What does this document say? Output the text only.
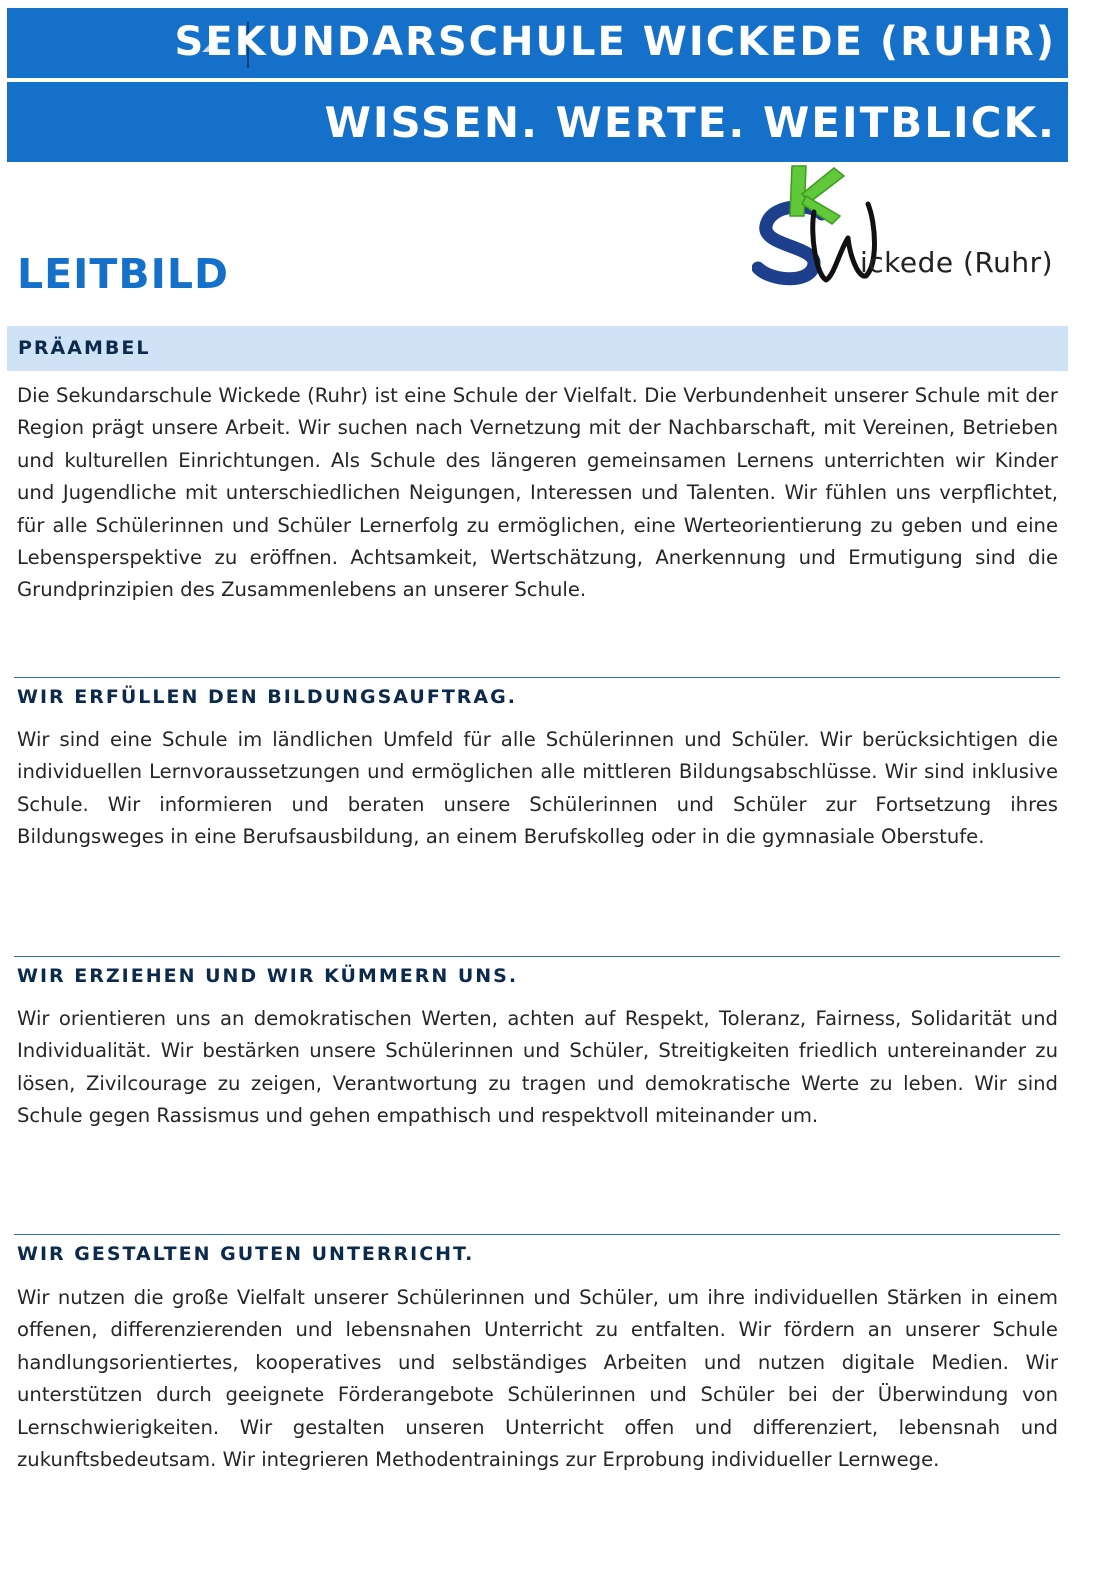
SEKUNDARSCHULE WICKEDE (RUHR)
WISSEN. WERTE. WEITBLICK.
LEITBILD	ickede (Ruhr)
PRÄAMBEL
Die Sekundarschule Wickede (Ruhr) ist eine Schule der Vielfalt. Die Verbundenheit unserer Schule mit der Region prägt unsere Arbeit. Wir suchen nach Vernetzung mit der Nachbarschaft, mit Vereinen, Betrieben und kulturellen Einrichtungen. Als Schule des längeren gemeinsamen Lernens unterrichten wir Kinder und Jugendliche mit unterschiedlichen Neigungen, Interessen und Talenten. Wir fühlen uns verpflichtet, für alle Schülerinnen und Schüler Lernerfolg zu ermöglichen, eine Werteorientierung zu geben und eine Lebensperspektive zu eröffnen. Achtsamkeit, Wertschätzung, Anerkennung und Ermutigung sind die Grundprinzipien des Zusammenlebens an unserer Schule.
WIR ERFÜLLEN DEN BILDUNGSAUFTRAG.
Wir sind eine Schule im ländlichen Umfeld für alle Schülerinnen und Schüler. Wir berücksichtigen die individuellen Lernvoraussetzungen und ermöglichen alle mittleren Bildungsabschlüsse. Wir sind inklusive Schule. Wir informieren und beraten unsere Schülerinnen und Schüler zur Fortsetzung ihres Bildungsweges in eine Berufsausbildung, an einem Berufskolleg oder in die gymnasiale Oberstufe.
WIR ERZIEHEN UND WIR KÜMMERN UNS.
Wir orientieren uns an demokratischen Werten, achten auf Respekt, Toleranz, Fairness, Solidarität und Individualität. Wir bestärken unsere Schülerinnen und Schüler, Streitigkeiten friedlich untereinander zu lösen, Zivilcourage zu zeigen, Verantwortung zu tragen und demokratische Werte zu leben. Wir sind Schule gegen Rassismus und gehen empathisch und respektvoll miteinander um.
WIR GESTALTEN GUTEN UNTERRICHT.
Wir nutzen die große Vielfalt unserer Schülerinnen und Schüler, um ihre individuellen Stärken in einem offenen, differenzierenden und lebensnahen Unterricht zu entfalten. Wir fördern an unserer Schule handlungsorientiertes, kooperatives und selbständiges Arbeiten und nutzen digitale Medien. Wir unterstützen durch geeignete Förderangebote Schülerinnen und Schüler bei der Überwindung von Lernschwierigkeiten. Wir gestalten unseren Unterricht offen und differenziert, lebensnah und zukunftsbedeutsam. Wir integrieren Methodentrainings zur Erprobung individueller Lernwege.
